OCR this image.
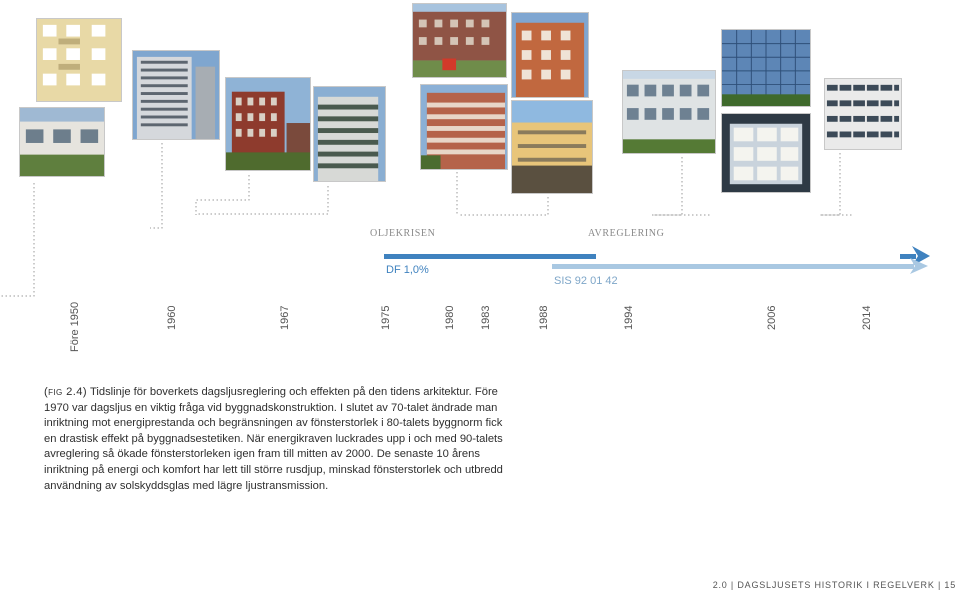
OLJEKRISEN	AVREGLERING
DF 1,0%
SIS 92 01 42
Före 1950	1960	1967	1975	1980 1983	1988	1994	2006	2014
(fig 2.4) Tidslinje för boverkets dagsljusreglering och effekten på den tidens arkitektur. Före 1970 var dagsljus en viktig fråga vid byggnadskonstruktion. I slutet av 70-talet ändrade man inriktning mot energiprestanda och begränsningen av fönsterstorlek i 80-talets byggnorm fick en drastisk effekt på byggnadsestetiken. När energikraven luckrades upp i och med 90-talets avreglering så ökade fönsterstorleken igen fram till mitten av 2000. De senaste 10 årens inriktning på energi och komfort har lett till större rusdjup, minskad fönsterstorlek och utbredd användning av solskyddsglas med lägre ljustransmission.
2.0 | DAGSLJUSETS HISTORIK I REGELVERK | 15
